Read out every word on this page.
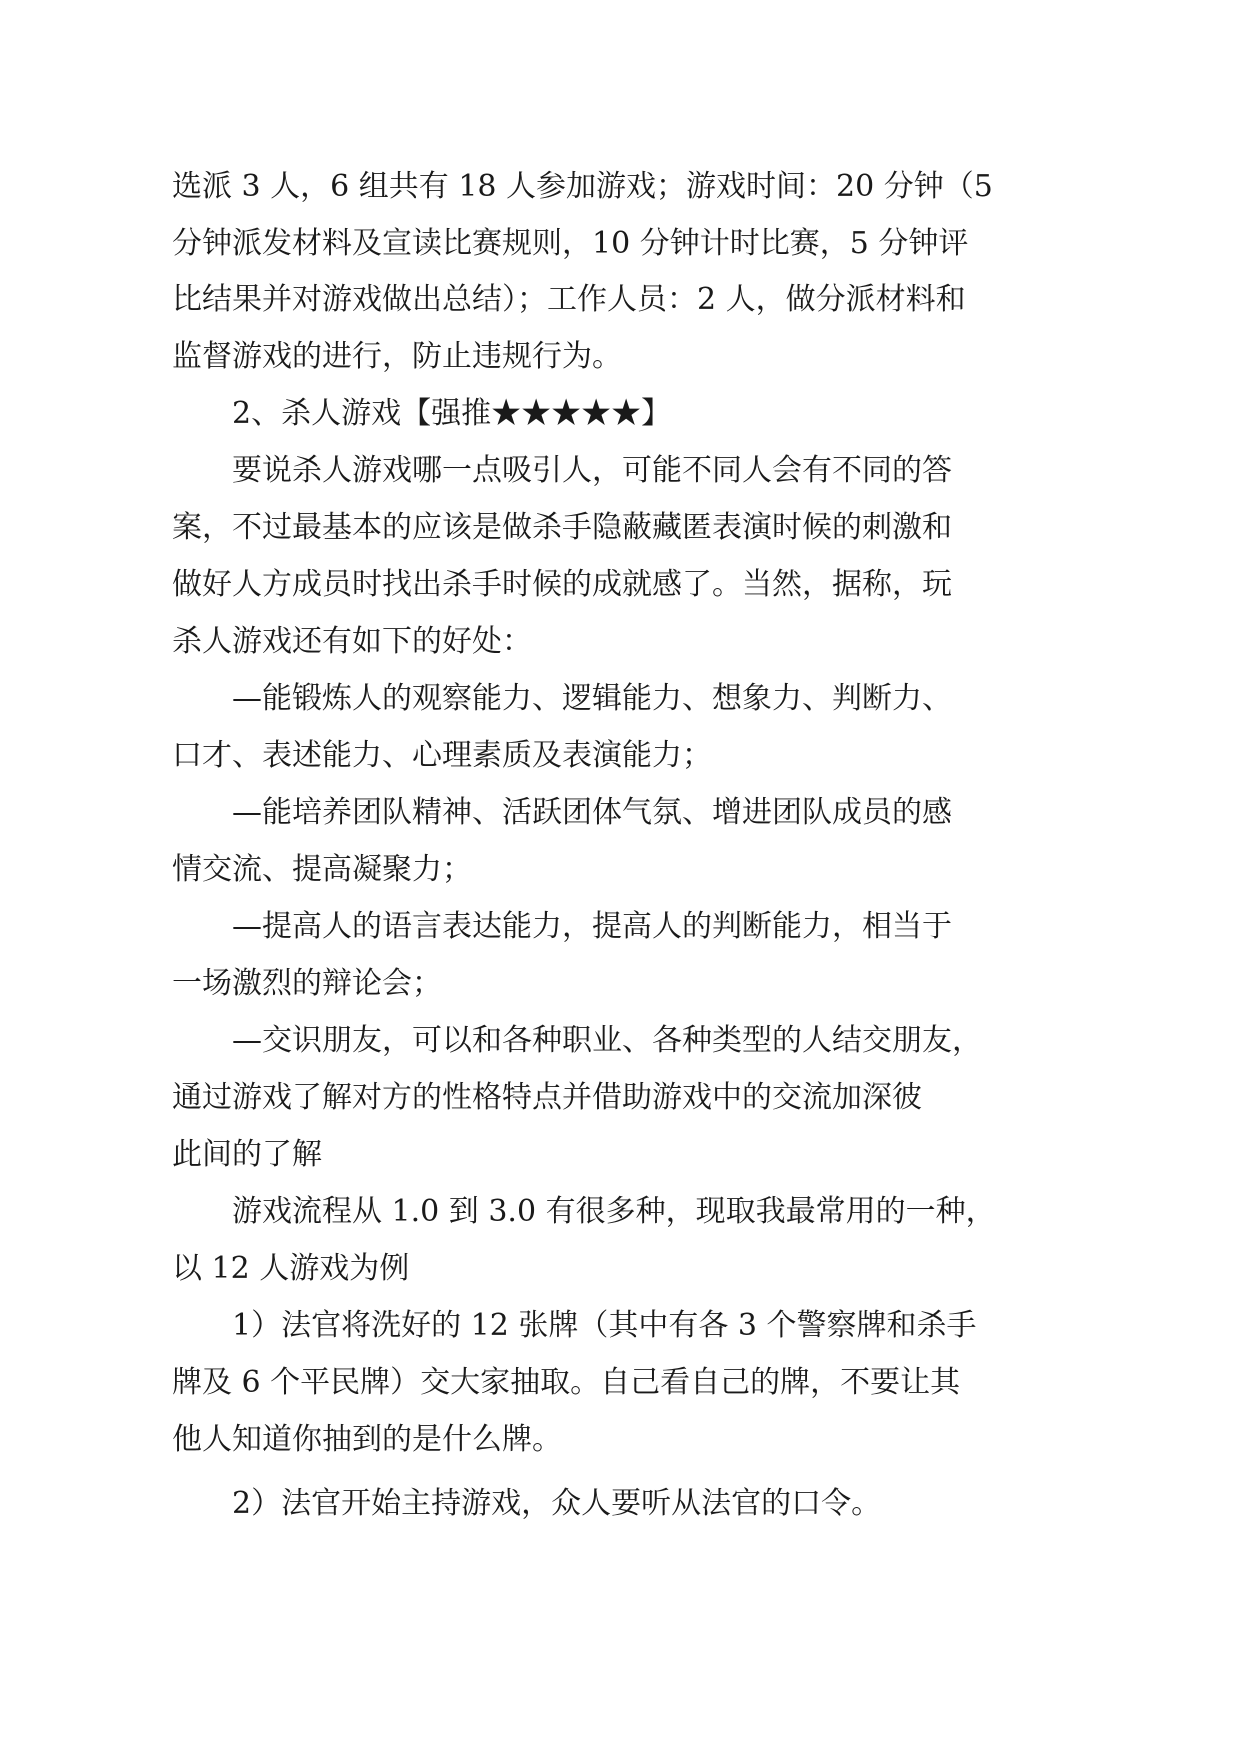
选派 3 人，6 组共有 18 人参加游戏；游戏时间：20 分钟（5
分钟派发材料及宣读比赛规则，10 分钟计时比赛，5 分钟评
比结果并对游戏做出总结）；工作人员：2 人，做分派材料和
监督游戏的进行，防止违规行为。
2、杀人游戏【强推★★★★★】
要说杀人游戏哪一点吸引人，可能不同人会有不同的答
案，不过最基本的应该是做杀手隐蔽藏匿表演时候的刺激和
做好人方成员时找出杀手时候的成就感了。当然，据称，玩
杀人游戏还有如下的好处：
—能锻炼人的观察能力、逻辑能力、想象力、判断力、
口才、表述能力、心理素质及表演能力；
—能培养团队精神、活跃团体气氛、增进团队成员的感
情交流、提高凝聚力；
—提高人的语言表达能力，提高人的判断能力，相当于
一场激烈的辩论会；
—交识朋友，可以和各种职业、各种类型的人结交朋友，
通过游戏了解对方的性格特点并借助游戏中的交流加深彼
此间的了解
游戏流程从 1.0 到 3.0 有很多种，现取我最常用的一种，
以 12 人游戏为例
1）法官将洗好的 12 张牌（其中有各 3 个警察牌和杀手
牌及 6 个平民牌）交大家抽取。自己看自己的牌，不要让其
他人知道你抽到的是什么牌。
2）法官开始主持游戏，众人要听从法官的口令。
